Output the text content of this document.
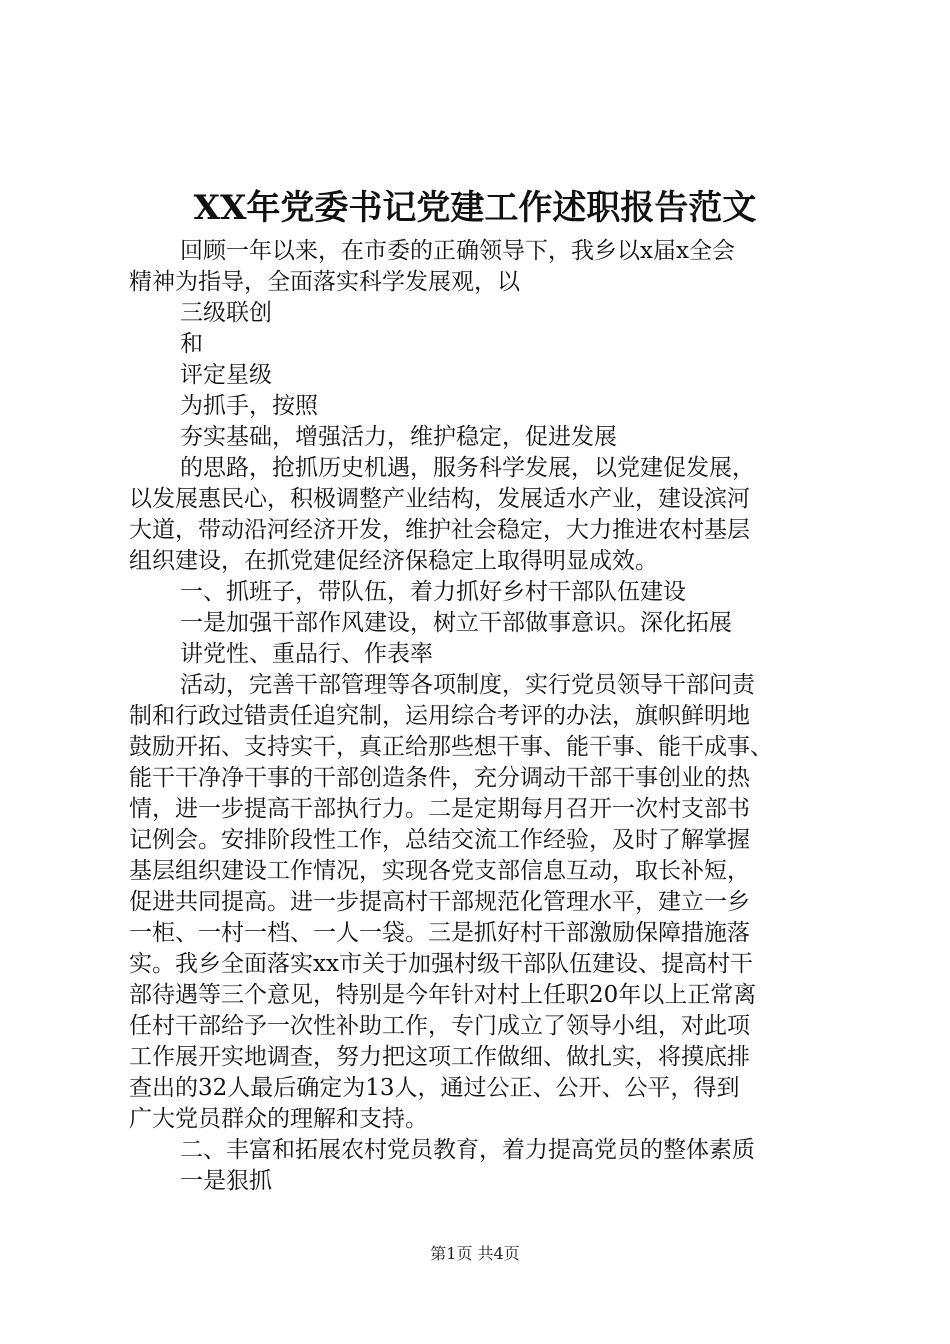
XX年党委书记党建工作述职报告范文
回顾一年以来，在市委的正确领导下，我乡以x届x全会
精神为指导，全面落实科学发展观，以
三级联创
和
评定星级
为抓手，按照
夯实基础，增强活力，维护稳定，促进发展
的思路，抢抓历史机遇，服务科学发展，以党建促发展，
以发展惠民心，积极调整产业结构，发展适水产业，建设滨河
大道，带动沿河经济开发，维护社会稳定，大力推进农村基层
组织建设，在抓党建促经济保稳定上取得明显成效。
一、抓班子，带队伍，着力抓好乡村干部队伍建设
一是加强干部作风建设，树立干部做事意识。深化拓展
讲党性、重品行、作表率
活动，完善干部管理等各项制度，实行党员领导干部问责
制和行政过错责任追究制，运用综合考评的办法，旗帜鲜明地
鼓励开拓、支持实干，真正给那些想干事、能干事、能干成事、
能干干净净干事的干部创造条件，充分调动干部干事创业的热
情，进一步提高干部执行力。二是定期每月召开一次村支部书
记例会。安排阶段性工作，总结交流工作经验，及时了解掌握
基层组织建设工作情况，实现各党支部信息互动，取长补短，
促进共同提高。进一步提高村干部规范化管理水平，建立一乡
一柜、一村一档、一人一袋。三是抓好村干部激励保障措施落
实。我乡全面落实xx市关于加强村级干部队伍建设、提高村干
部待遇等三个意见，特别是今年针对村上任职20年以上正常离
任村干部给予一次性补助工作，专门成立了领导小组，对此项
工作展开实地调查，努力把这项工作做细、做扎实，将摸底排
查出的32人最后确定为13人，通过公正、公开、公平，得到
广大党员群众的理解和支持。
二、丰富和拓展农村党员教育，着力提高党员的整体素质
一是狠抓
第1页 共4页
